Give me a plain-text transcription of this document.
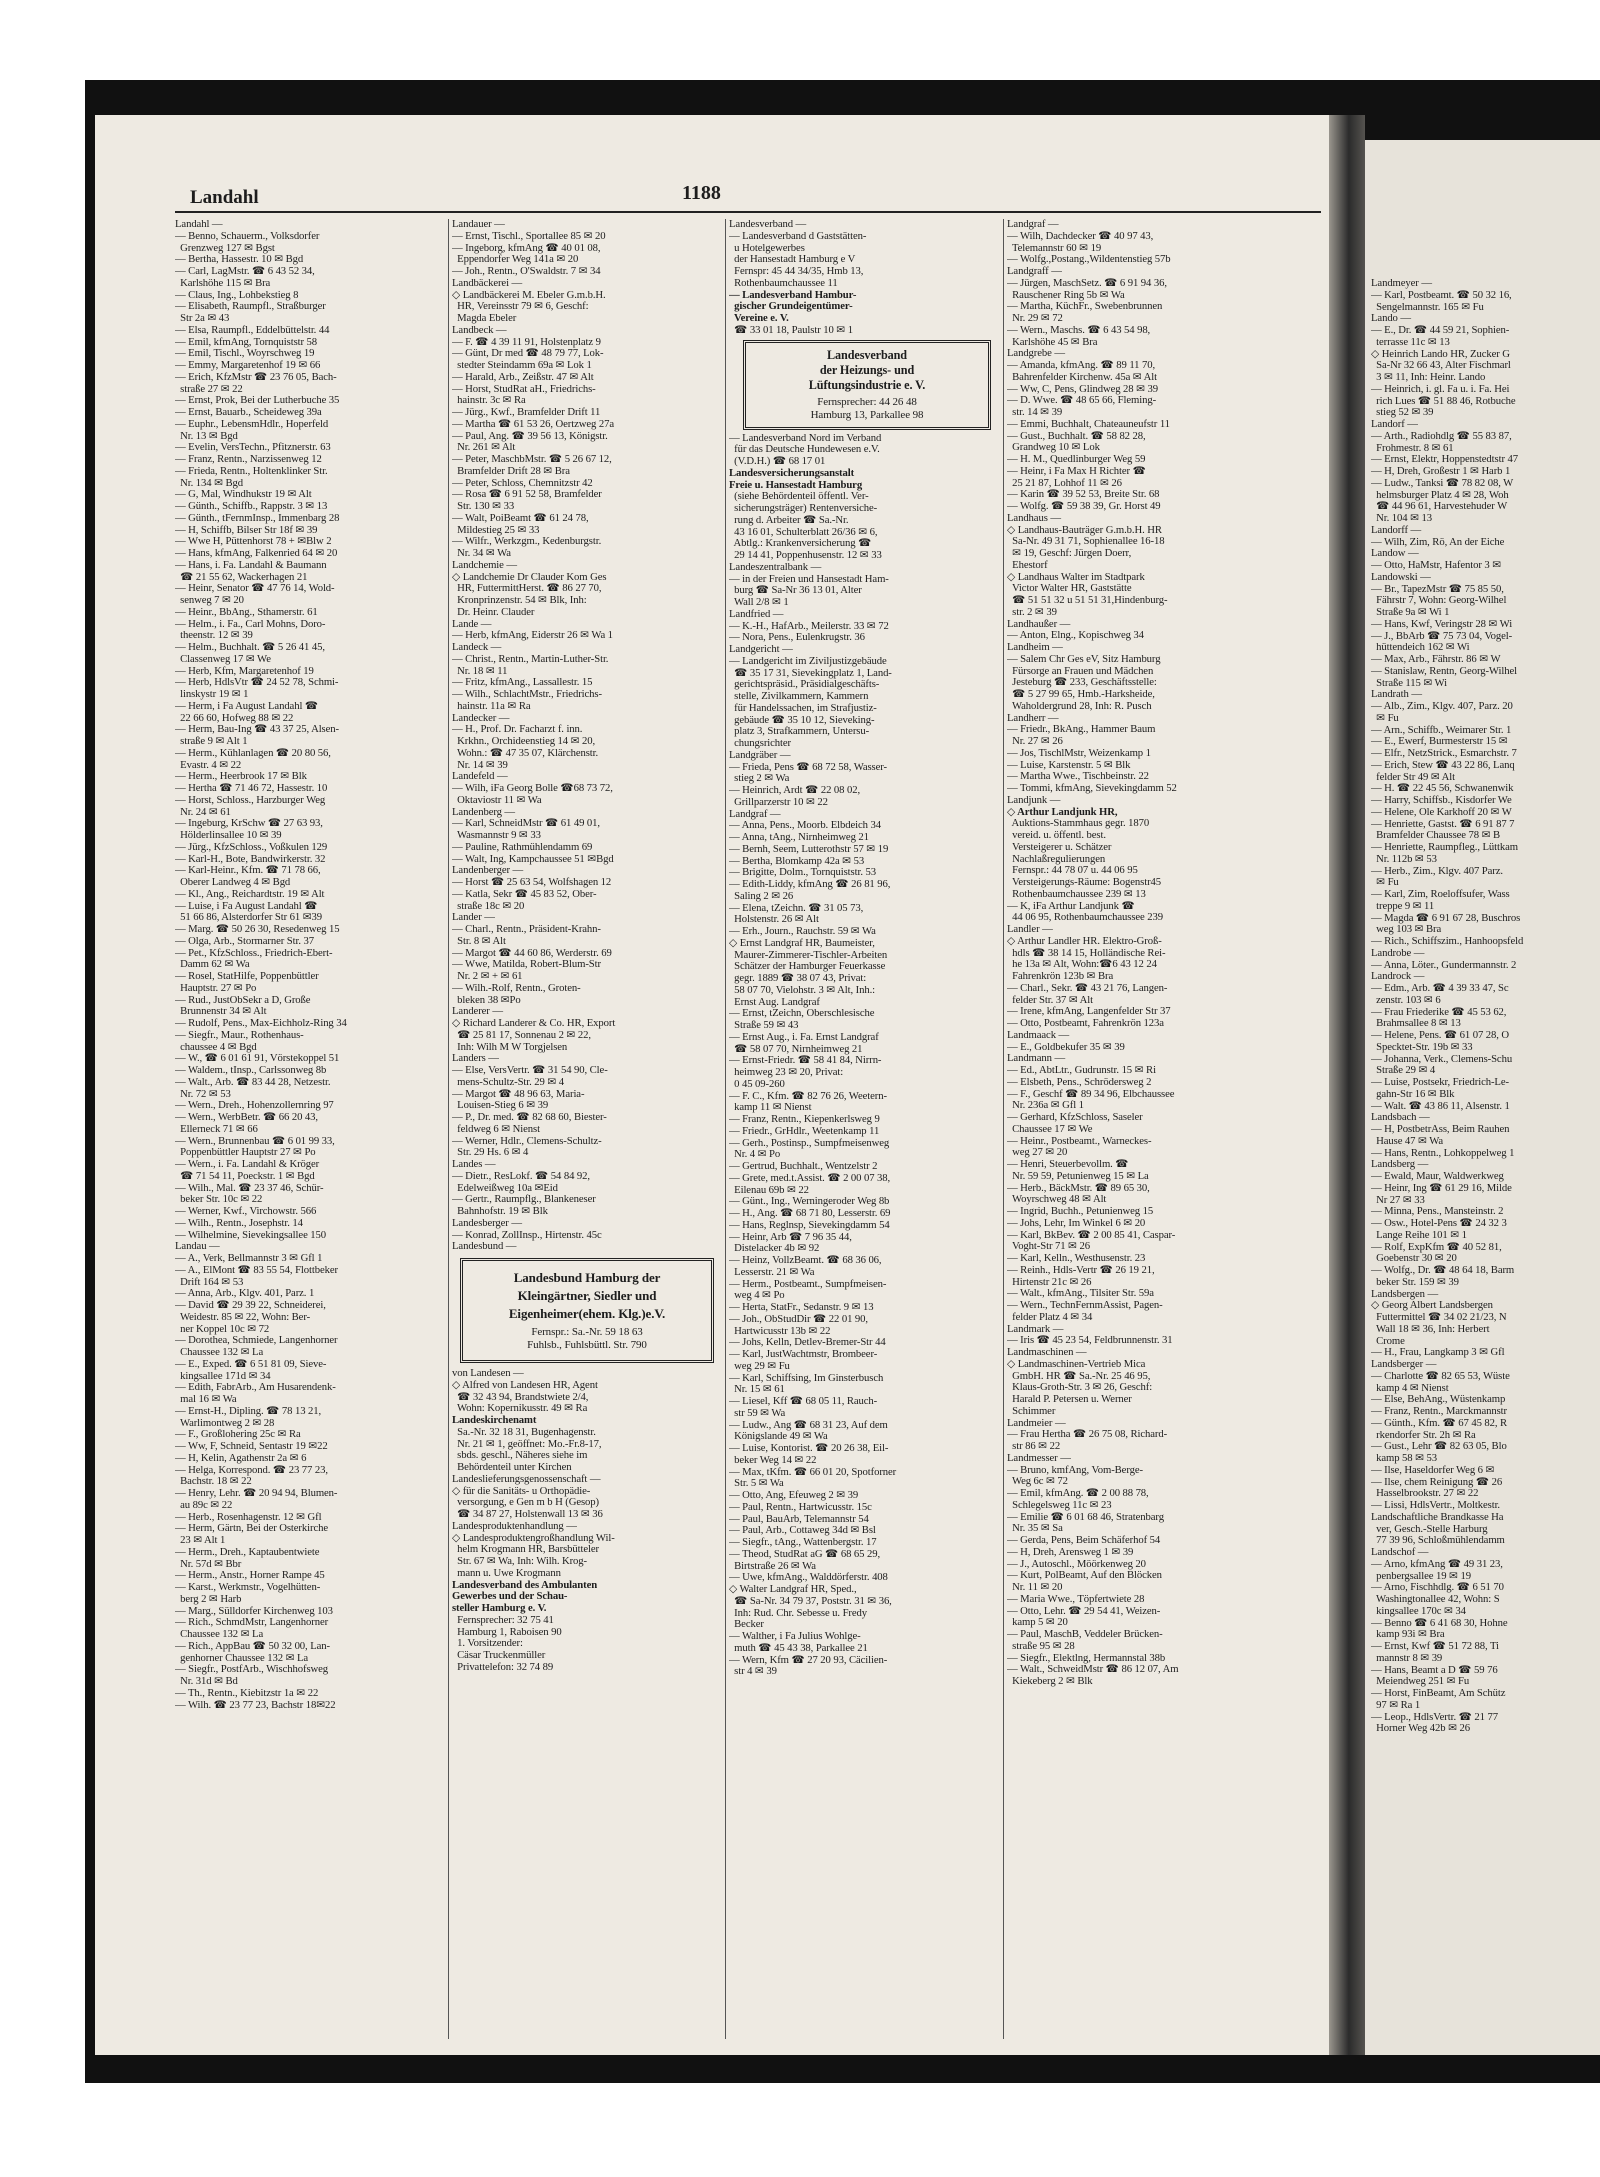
Landahl	1188
Landahl —
— Benno, Schauerm., Volksdorfer
Grenzweg 127 ✉ Bgst
— Bertha, Hassestr. 10 ✉ Bgd
— Carl, LagMstr. ☎ 6 43 52 34,
Karlshöhe 115 ✉ Bra
— Claus, Ing., Lohbekstieg 8
— Elisabeth, Raumpfl., Straßburger
Str 2a ✉ 43
— Elsa, Raumpfl., Eddelbüttelstr. 44
— Emil, kfmAng, Tornquiststr 58
— Emil, Tischl., Woyrschweg 19
— Emmy, Margaretenhof 19 ✉ 66
— Erich, KfzMstr ☎ 23 76 05, Bach-
straße 27 ✉ 22
— Ernst, Prok, Bei der Lutherbuche 35
— Ernst, Bauarb., Scheideweg 39a
— Euphr., LebensmHdlr., Hoperfeld
Nr. 13 ✉ Bgd
— Evelin, VersTechn., Pfitznerstr. 63
— Franz, Rentn., Narzissenweg 12
— Frieda, Rentn., Holtenklinker Str.
Nr. 134 ✉ Bgd
— G, Mal, Windhukstr 19 ✉ Alt
— Günth., Schiffb., Rappstr. 3 ✉ 13
— Günth., tFernmInsp., Immenbarg 28
— H, Schiffb, Bilser Str 18f ✉ 39
— Wwe H, Püttenhorst 78 + ✉Blw 2
— Hans, kfmAng, Falkenried 64 ✉ 20
— Hans, i. Fa. Landahl & Baumann
☎ 21 55 62, Wackerhagen 21
— Heinr, Senator ☎ 47 76 14, Wold-
senweg 7 ✉ 20
— Heinr., BbAng., Sthamerstr. 61
— Helm., i. Fa., Carl Mohns, Doro-
theenstr. 12 ✉ 39
— Helm., Buchhalt. ☎ 5 26 41 45,
Classenweg 17 ✉ We
— Herb, Kfm, Margaretenhof 19
— Herb, HdlsVtr ☎ 24 52 78, Schmi-
linskystr 19 ✉ 1
— Herm, i Fa August Landahl ☎
22 66 60, Hofweg 88 ✉ 22
— Herm, Bau-Ing ☎ 43 37 25, Alsen-
straße 9 ✉ Alt 1
— Herm., Kühlanlagen ☎ 20 80 56,
Evastr. 4 ✉ 22
— Herm., Heerbrook 17 ✉ Blk
— Hertha ☎ 71 46 72, Hassestr. 10
— Horst, Schloss., Harzburger Weg
Nr. 24 ✉ 61
— Ingeburg, KrSchw ☎ 27 63 93,
Hölderlinsallee 10 ✉ 39
— Jürg., KfzSchloss., Voßkulen 129
— Karl-H., Bote, Bandwirkerstr. 32
— Karl-Heinr., Kfm. ☎ 71 78 66,
Oberer Landweg 4 ✉ Bgd
— Kl., Ang., Reichardtstr. 19 ✉ Alt
— Luise, i Fa August Landahl ☎
51 66 86, Alsterdorfer Str 61 ✉39
— Marg. ☎ 50 26 30, Resedenweg 15
— Olga, Arb., Stormarner Str. 37
— Pet., KfzSchloss., Friedrich-Ebert-
Damm 62 ✉ Wa
— Rosel, StatHilfe, Poppenbüttler
Hauptstr. 27 ✉ Po
— Rud., JustObSekr a D, Große
Brunnenstr 34 ✉ Alt
— Rudolf, Pens., Max-Eichholz-Ring 34
— Siegfr., Maur., Rothenhaus-
chaussee 4 ✉ Bgd
— W., ☎ 6 01 61 91, Vörstekoppel 51
— Waldem., tInsp., Carlssonweg 8b
— Walt., Arb. ☎ 83 44 28, Netzestr.
Nr. 72 ✉ 53
— Wern., Dreh., Hohenzollernring 97
— Wern., WerbBetr. ☎ 66 20 43,
Ellerneck 71 ✉ 66
— Wern., Brunnenbau ☎ 6 01 99 33,
Poppenbüttler Hauptstr 27 ✉ Po
— Wern., i. Fa. Landahl & Kröger
☎ 71 54 11, Poeckstr. 1 ✉ Bgd
— Wilh., Mal. ☎ 23 37 46, Schür-
beker Str. 10c ✉ 22
— Werner, Kwf., Virchowstr. 566
— Wilh., Rentn., Josephstr. 14
— Wilhelmine, Sievekingsallee 150
Landau —
— A., Verk, Bellmannstr 3 ✉ Gfl 1
— A., ElMont ☎ 83 55 54, Flottbeker
Drift 164 ✉ 53
— Anna, Arb., Klgv. 401, Parz. 1
— David ☎ 29 39 22, Schneiderei,
Weidestr. 85 ✉ 22, Wohn: Ber-
ner Koppel 10c ✉ 72
— Dorothea, Schmiede, Langenhorner
Chaussee 132 ✉ La
— E., Exped. ☎ 6 51 81 09, Sieve-
kingsallee 171d ✉ 34
— Edith, FabrArb., Am Husarendenk-
mal 16 ✉ Wa
— Ernst-H., Dipling. ☎ 78 13 21,
Warlimontweg 2 ✉ 28
— F., Großlohering 25c ✉ Ra
— Ww, F, Schneid, Sentastr 19 ✉22
— H, Kelin, Agathenstr 2a ✉ 6
— Helga, Korrespond. ☎ 23 77 23,
Bachstr. 18 ✉ 22
— Henry, Lehr. ☎ 20 94 94, Blumen-
au 89c ✉ 22
— Herb., Rosenhagenstr. 12 ✉ Gfl
— Herm, Gärtn, Bei der Osterkirche
23 ✉ Alt 1
— Herm., Dreh., Kaptaubentwiete
Nr. 57d ✉ Bbr
— Herm., Anstr., Horner Rampe 45
— Karst., Werkmstr., Vogelhütten-
berg 2 ✉ Harb
— Marg., Sülldorfer Kirchenweg 103
— Rich., SchmdMstr, Langenhorner
Chaussee 132 ✉ La
— Rich., AppBau ☎ 50 32 00, Lan-
genhorner Chaussee 132 ✉ La
— Siegfr., PostfArb., Wischhofsweg
Nr. 31d ✉ Bd
— Th., Rentn., Kiebitzstr 1a ✉ 22
— Wilh. ☎ 23 77 23, Bachstr 18✉22
Landauer —
— Ernst, Tischl., Sportallee 85 ✉ 20
— Ingeborg, kfmAng ☎ 40 01 08,
Eppendorfer Weg 141a ✉ 20
— Joh., Rentn., O'Swaldstr. 7 ✉ 34
Landbäckerei —
◇ Landbäckerei M. Ebeler G.m.b.H.
HR, Vereinsstr 79 ✉ 6, Geschf:
Magda Ebeler
Landbeck —
— F. ☎ 4 39 11 91, Holstenplatz 9
— Günt, Dr med ☎ 48 79 77, Lok-
stedter Steindamm 69a ✉ Lok 1
— Harald, Arb., Zeißstr. 47 ✉ Alt
— Horst, StudRat aH., Friedrichs-
hainstr. 3c ✉ Ra
— Jürg., Kwf., Bramfelder Drift 11
— Martha ☎ 61 53 26, Oertzweg 27a
— Paul, Ang. ☎ 39 56 13, Königstr.
Nr. 261 ✉ Alt
— Peter, MaschbMstr. ☎ 5 26 67 12,
Bramfelder Drift 28 ✉ Bra
— Peter, Schloss, Chemnitzstr 42
— Rosa ☎ 6 91 52 58, Bramfelder
Str. 130 ✉ 33
— Walt, PoiBeamt ☎ 61 24 78,
Mildestieg 25 ✉ 33
— Wilfr., Werkzgm., Kedenburgstr.
Nr. 34 ✉ Wa
Landchemie —
◇ Landchemie Dr Clauder Kom Ges
HR, FuttermittHerst. ☎ 86 27 70,
Kronprinzenstr. 54 ✉ Blk, Inh:
Dr. Heinr. Clauder
Lande —
— Herb, kfmAng, Eiderstr 26 ✉ Wa 1
Landeck —
— Christ., Rentn., Martin-Luther-Str.
Nr. 18 ✉ 11
— Fritz, kfmAng., Lassallestr. 15
— Wilh., SchlachtMstr., Friedrichs-
hainstr. 11a ✉ Ra
Landecker —
— H., Prof. Dr. Facharzt f. inn.
Krkhn., Orchideenstieg 14 ✉ 20,
Wohn.: ☎ 47 35 07, Klärchenstr.
Nr. 14 ✉ 39
Landefeld —
— Wilh, iFa Georg Bolle ☎68 73 72,
Oktaviostr 11 ✉ Wa
Landenberg —
— Karl, SchneidMstr ☎ 61 49 01,
Wasmannstr 9 ✉ 33
— Pauline, Rathmühlendamm 69
— Walt, Ing, Kampchaussee 51 ✉Bgd
Landenberger —
— Horst ☎ 25 63 54, Wolfshagen 12
— Katla, Sekr ☎ 45 83 52, Ober-
straße 18c ✉ 20
Lander —
— Charl., Rentn., Präsident-Krahn-
Str. 8 ✉ Alt
— Margot ☎ 44 60 86, Werderstr. 69
— Wwe, Matilda, Robert-Blum-Str
Nr. 2 ✉ + ✉ 61
— Wilh.-Rolf, Rentn., Groten-
bleken 38 ✉Po
Landerer —
◇ Richard Landerer & Co. HR, Export
☎ 25 81 17, Sonnenau 2 ✉ 22,
Inh: Wilh M W Torgjelsen
Landers —
— Else, VersVertr. ☎ 31 54 90, Cle-
mens-Schultz-Str. 29 ✉ 4
— Margot ☎ 48 96 63, Maria-
Louisen-Stieg 6 ✉ 39
— P., Dr. med. ☎ 82 68 60, Biester-
feldweg 6 ✉ Nienst
— Werner, Hdlr., Clemens-Schultz-
Str. 29 Hs. 6 ✉ 4
Landes —
— Dietr., ResLokf. ☎ 54 84 92,
Edelweißweg 10a ✉Eid
— Gertr., Raumpflg., Blankeneser
Bahnhofstr. 19 ✉ Blk
Landesberger —
— Konrad, ZollInsp., Hirtenstr. 45c
Landesbund —
Landesbund Hamburg der
Kleingärtner, Siedler und
Eigenheimer(ehem. Klg.)e.V.
Fernspr.: Sa.-Nr. 59 18 63
Fuhlsb., Fuhlsbüttl. Str. 790
von Landesen —
◇ Alfred von Landesen HR, Agent
☎ 32 43 94, Brandstwiete 2/4,
Wohn: Kopernikusstr. 49 ✉ Ra
Landeskirchenamt
Sa.-Nr. 32 18 31, Bugenhagenstr.
Nr. 21 ✉ 1, geöffnet: Mo.-Fr.8-17,
sbds. geschl., Näheres siehe im
Behördenteil unter Kirchen
Landeslieferungsgenossenschaft —
◇ für die Sanitäts- u Orthopädie-
versorgung, e Gen m b H (Gesop)
☎ 34 87 27, Holstenwall 13 ✉ 36
Landesproduktenhandlung —
◇ Landesproduktengroßhandlung Wil-
helm Krogmann HR, Barsbütteler
Str. 67 ✉ Wa, Inh: Wilh. Krog-
mann u. Uwe Krogmann
Landesverband des Ambulanten
Gewerbes und der Schau-
steller Hamburg e. V.
Fernsprecher: 32 75 41
Hamburg 1, Raboisen 90
1. Vorsitzender:
Cäsar Truckenmüller
Privattelefon: 32 74 89
Landesverband —
— Landesverband d Gaststätten-
u Hotelgewerbes
der Hansestadt Hamburg e V
Fernspr: 45 44 34/35, Hmb 13,
Rothenbaumchaussee 11
— Landesverband Hambur-
gischer Grundeigentümer-
Vereine e. V.
☎ 33 01 18, Paulstr 10 ✉ 1
Landesverband
der Heizungs- und
Lüftungsindustrie e. V.
Fernsprecher: 44 26 48
Hamburg 13, Parkallee 98
— Landesverband Nord im Verband
für das Deutsche Hundewesen e.V.
(V.D.H.) ☎ 68 17 01
Landesversicherungsanstalt
Freie u. Hansestadt Hamburg
(siehe Behördenteil öffentl. Ver-
sicherungsträger) Rentenversiche-
rung d. Arbeiter ☎ Sa.-Nr.
43 16 01, Schulterblatt 26/36 ✉ 6,
Abtlg.: Krankenversicherung ☎
29 14 41, Poppenhusenstr. 12 ✉ 33
Landeszentralbank —
— in der Freien und Hansestadt Ham-
burg ☎ Sa-Nr 36 13 01, Alter
Wall 2/8 ✉ 1
Landfried —
— K.-H., HafArb., Meilerstr. 33 ✉ 72
— Nora, Pens., Eulenkrugstr. 36
Landgericht —
— Landgericht im Ziviljustizgebäude
☎ 35 17 31, Sievekingplatz 1, Land-
gerichtspräsid., Präsidialgeschäfts-
stelle, Zivilkammern, Kammern
für Handelssachen, im Strafjustiz-
gebäude ☎ 35 10 12, Sieveking-
platz 3, Strafkammern, Untersu-
chungsrichter
Landgräber —
— Frieda, Pens ☎ 68 72 58, Wasser-
stieg 2 ✉ Wa
— Heinrich, Ardt ☎ 22 08 02,
Grillparzerstr 10 ✉ 22
Landgraf —
— Anna, Pens., Moorb. Elbdeich 34
— Anna, tAng., Nirnheimweg 21
— Bernh, Seem, Lutterothstr 57 ✉ 19
— Bertha, Blomkamp 42a ✉ 53
— Brigitte, Dolm., Tornquiststr. 53
— Edith-Liddy, kfmAng ☎ 26 81 96,
Saling 2 ✉ 26
— Elena, tZeichn. ☎ 31 05 73,
Holstenstr. 26 ✉ Alt
— Erh., Journ., Rauchstr. 59 ✉ Wa
◇ Ernst Landgraf HR, Baumeister,
Maurer-Zimmerer-Tischler-Arbeiten
Schätzer der Hamburger Feuerkasse
gegr. 1889 ☎ 38 07 43, Privat:
58 07 70, Vielohstr. 3 ✉ Alt, Inh.:
Ernst Aug. Landgraf
— Ernst, tZeichn, Oberschlesische
Straße 59 ✉ 43
— Ernst Aug., i. Fa. Ernst Landgraf
☎ 58 07 70, Nirnheimweg 21
— Ernst-Friedr. ☎ 58 41 84, Nirrn-
heimweg 23 ✉ 20, Privat:
0 45 09-260
— F. C., Kfm. ☎ 82 76 26, Weetern-
kamp 11 ✉ Nienst
— Franz, Rentn., Kiepenkerlsweg 9
— Friedr., GrHdlr., Weetenkamp 11
— Gerh., Postinsp., Sumpfmeisenweg
Nr. 4 ✉ Po
— Gertrud, Buchhalt., Wentzelstr 2
— Grete, med.t.Assist. ☎ 2 00 07 38,
Eilenau 69b ✉ 22
— Günt., Ing., Werningeroder Weg 8b
— H., Ang. ☎ 68 71 80, Lesserstr. 69
— Hans, Reglnsp, Sievekingdamm 54
— Heinr, Arb ☎ 7 96 35 44,
Distelacker 4b ✉ 92
— Heinz, VollzBeamt. ☎ 68 36 06,
Lesserstr. 21 ✉ Wa
— Herm., Postbeamt., Sumpfmeisen-
weg 4 ✉ Po
— Herta, StatFr., Sedanstr. 9 ✉ 13
— Joh., ObStudDir ☎ 22 01 90,
Hartwicusstr 13b ✉ 22
— Johs, Kelln, Detlev-Bremer-Str 44
— Karl, JustWachtmstr, Brombeer-
weg 29 ✉ Fu
— Karl, Schiffsing, Im Ginsterbusch
Nr. 15 ✉ 61
— Liesel, Kff ☎ 68 05 11, Rauch-
str 59 ✉ Wa
— Ludw., Ang ☎ 68 31 23, Auf dem
Königslande 49 ✉ Wa
— Luise, Kontorist. ☎ 20 26 38, Eil-
beker Weg 14 ✉ 22
— Max, tKfm. ☎ 66 01 20, Spotforner
Str. 5 ✉ Wa
— Otto, Ang, Efeuweg 2 ✉ 39
— Paul, Rentn., Hartwicusstr. 15c
— Paul, BauArb, Telemannstr 54
— Paul, Arb., Cottaweg 34d ✉ Bsl
— Siegfr., tAng., Wattenbergstr. 17
— Theod, StudRat aG ☎ 68 65 29,
Birtstraße 26 ✉ Wa
— Uwe, kfmAng., Walddörferstr. 408
◇ Walter Landgraf HR, Sped.,
☎ Sa-Nr. 34 79 37, Poststr. 31 ✉ 36,
Inh: Rud. Chr. Sebesse u. Fredy
Becker
— Walther, i Fa Julius Wohlge-
muth ☎ 45 43 38, Parkallee 21
— Wern, Kfm ☎ 27 20 93, Cäcilien-
str 4 ✉ 39
Landgraf —
— Wilh, Dachdecker ☎ 40 97 43,
Telemannstr 60 ✉ 19
— Wolfg.,Postang.,Wildentenstieg 57b
Landgraff —
— Jürgen, MaschSetz. ☎ 6 91 94 36,
Rauschener Ring 5b ✉ Wa
— Martha, KüchFr., Swebenbrunnen
Nr. 29 ✉ 72
— Wern., Maschs. ☎ 6 43 54 98,
Karlshöhe 45 ✉ Bra
Landgrebe —
— Amanda, kfmAng. ☎ 89 11 70,
Bahrenfelder Kirchenw. 45a ✉ Alt
— Ww, C, Pens, Glindweg 28 ✉ 39
— D. Wwe. ☎ 48 65 66, Fleming-
str. 14 ✉ 39
— Emmi, Buchhalt, Chateauneufstr 11
— Gust., Buchhalt. ☎ 58 82 28,
Grandweg 10 ✉ Lok
— H. M., Quedlinburger Weg 59
— Heinr, i Fa Max H Richter ☎
25 21 87, Lohhof 11 ✉ 26
— Karin ☎ 39 52 53, Breite Str. 68
— Wolfg. ☎ 59 38 39, Gr. Horst 49
Landhaus —
◇ Landhaus-Bauträger G.m.b.H. HR
Sa-Nr. 49 31 71, Sophienallee 16-18
✉ 19, Geschf: Jürgen Doerr,
Ehestorf
◇ Landhaus Walter im Stadtpark
Victor Walter HR, Gaststätte
☎ 51 51 32 u 51 51 31,Hindenburg-
str. 2 ✉ 39
Landhaußer —
— Anton, Elng., Kopischweg 34
Landheim —
— Salem Chr Ges eV, Sitz Hamburg
Fürsorge an Frauen und Mädchen
Jesteburg ☎ 233, Geschäftsstelle:
☎ 5 27 99 65, Hmb.-Harksheide,
Waholdergrund 28, Inh: R. Pusch
Landherr —
— Friedr., BkAng., Hammer Baum
Nr. 27 ✉ 26
— Jos, TischlMstr, Weizenkamp 1
— Luise, Karstenstr. 5 ✉ Blk
— Martha Wwe., Tischbeinstr. 22
— Tommi, kfmAng, Sievekingdamm 52
Landjunk —
◇ Arthur Landjunk HR,
Auktions-Stammhaus gegr. 1870
vereid. u. öffentl. best.
Versteigerer u. Schätzer
Nachlaßregulierungen
Fernspr.: 44 78 07 u. 44 06 95
Versteigerungs-Räume: Bogenstr45
Rothenbaumchaussee 239 ✉ 13
— K, iFa Arthur Landjunk ☎
44 06 95, Rothenbaumchaussee 239
Landler —
◇ Arthur Landler HR. Elektro-Groß-
hdls ☎ 38 14 15, Holländische Rei-
he 13a ✉ Alt, Wohn:☎6 43 12 24
Fahrenkrön 123b ✉ Bra
— Charl., Sekr. ☎ 43 21 76, Langen-
felder Str. 37 ✉ Alt
— Irene, kfmAng, Langenfelder Str 37
— Otto, Postbeamt, Fahrenkrön 123a
Landmaack —
— E., Goldbekufer 35 ✉ 39
Landmann —
— Ed., AbtLtr., Gudrunstr. 15 ✉ Ri
— Elsbeth, Pens., Schrödersweg 2
— F., Geschf ☎ 89 34 96, Elbchaussee
Nr. 236a ✉ Gfl 1
— Gerhard, KfzSchloss, Saseler
Chaussee 17 ✉ We
— Heinr., Postbeamt., Warneckes-
weg 27 ✉ 20
— Henri, Steuerbevollm. ☎
Nr. 59 59, Petunienweg 15 ✉ La
— Herb., BäckMstr. ☎ 89 65 30,
Woyrschweg 48 ✉ Alt
— Ingrid, Buchh., Petunienweg 15
— Johs, Lehr, Im Winkel 6 ✉ 20
— Karl, BkBev. ☎ 2 00 85 41, Caspar-
Voght-Str 71 ✉ 26
— Karl, Kelln., Westhusenstr. 23
— Reinh., Hdls-Vertr ☎ 26 19 21,
Hirtenstr 21c ✉ 26
— Walt., kfmAng., Tilsiter Str. 59a
— Wern., TechnFernmAssist, Pagen-
felder Platz 4 ✉ 34
Landmark —
— Iris ☎ 45 23 54, Feldbrunnenstr. 31
Landmaschinen —
◇ Landmaschinen-Vertrieb Mica
GmbH. HR ☎ Sa.-Nr. 25 46 95,
Klaus-Groth-Str. 3 ✉ 26, Geschf:
Harald P. Petersen u. Werner
Schimmer
Landmeier —
— Frau Hertha ☎ 26 75 08, Richard-
str 86 ✉ 22
Landmesser —
— Bruno, kmfAng, Vom-Berge-
Weg 6c ✉ 72
— Emil, kfmAng. ☎ 2 00 88 78,
Schlegelsweg 11c ✉ 23
— Emilie ☎ 6 01 68 46, Stratenbarg
Nr. 35 ✉ Sa
— Gerda, Pens, Beim Schäferhof 54
— H, Dreh, Arensweg 1 ✉ 39
— J., Autoschl., Möörkenweg 20
— Kurt, PolBeamt, Auf den Blöcken
Nr. 11 ✉ 20
— Maria Wwe., Töpfertwiete 28
— Otto, Lehr. ☎ 29 54 41, Weizen-
kamp 5 ✉ 20
— Paul, MaschB, Veddeler Brücken-
straße 95 ✉ 28
— Siegfr., Elektlng, Hermannstal 38b
— Walt., SchweidMstr ☎ 86 12 07, Am
Kiekeberg 2 ✉ Blk
Landmeyer —
— Karl, Postbeamt. ☎ 50 32 16,
Sengelmannstr. 165 ✉ Fu
Lando —
— E., Dr. ☎ 44 59 21, Sophien-
terrasse 11c ✉ 13
◇ Heinrich Lando HR, Zucker G
Sa-Nr 32 66 43, Alter Fischmarl
3 ✉ 11, Inh: Heinr. Lando
— Heinrich, i. gl. Fa u. i. Fa. Hei
rich Lues ☎ 51 88 46, Rotbuche
stieg 52 ✉ 39
Landorf —
— Arth., Radiohdlg ☎ 55 83 87,
Frohmestr. 8 ✉ 61
— Ernst, Elektr, Hoppenstedtstr 47
— H, Dreh, Großestr 1 ✉ Harb 1
— Ludw., Tanksi ☎ 78 82 08, W
helmsburger Platz 4 ✉ 28, Woh
☎ 44 96 61, Harvestehuder W
Nr. 104 ✉ 13
Landorff —
— Wilh, Zim, Rö, An der Eiche
Landow —
— Otto, HaMstr, Hafentor 3 ✉
Landowski —
— Br., TapezMstr ☎ 75 85 50,
Fährstr 7, Wohn: Georg-Wilhel
Straße 9a ✉ Wi 1
— Hans, Kwf, Veringstr 28 ✉ Wi
— J., BbArb ☎ 75 73 04, Vogel-
hüttendeich 162 ✉ Wi
— Max, Arb., Fährstr. 86 ✉ W
— Stanislaw, Rentn, Georg-Wilhel
Straße 115 ✉ Wi
Landrath —
— Alb., Zim., Klgv. 407, Parz. 20
✉ Fu
— Arn., Schiffb., Weimarer Str. 1
— E., Ewerf, Burmesterstr 15 ✉
— Elfr., NetzStrick., Esmarchstr. 7
— Erich, Stew ☎ 43 22 86, Lanq
felder Str 49 ✉ Alt
— H. ☎ 22 45 56, Schwanenwik
— Harry, Schiffsb., Kisdorfer We
— Helene, Ole Karkhoff 20 ✉ W
— Henriette, Gastst. ☎ 6 91 87 7
Bramfelder Chaussee 78 ✉ B
— Henriette, Raumpfleg., Lüttkam
Nr. 112b ✉ 53
— Herb., Zim., Klgv. 407 Parz.
✉ Fu
— Karl, Zim, Roeloffsufer, Wass
treppe 9 ✉ 11
— Magda ☎ 6 91 67 28, Buschros
weg 103 ✉ Bra
— Rich., Schiffszim., Hanhoopsfeld
Landrobe —
— Anna, Löter., Gundermannstr. 2
Landrock —
— Edm., Arb. ☎ 4 39 33 47, Sc
zenstr. 103 ✉ 6
— Frau Friederike ☎ 45 53 62,
Brahmsallee 8 ✉ 13
— Helene, Pens. ☎ 61 07 28, O
Specktet-Str. 19b ✉ 33
— Johanna, Verk., Clemens-Schu
Straße 29 ✉ 4
— Luise, Postsekr, Friedrich-Le-
gahn-Str 16 ✉ Blk
— Walt. ☎ 43 86 11, Alsenstr. 1
Landsbach —
— H, PostbetrAss, Beim Rauhen
Hause 47 ✉ Wa
— Hans, Rentn., Lohkoppelweg 1
Landsberg —
— Ewald, Maur, Waldwerkweg
— Heinr, Ing ☎ 61 29 16, Milde
Nr 27 ✉ 33
— Minna, Pens., Mansteinstr. 2
— Osw., Hotel-Pens ☎ 24 32 3
Lange Reihe 101 ✉ 1
— Rolf, ExpKfm ☎ 40 52 81,
Goebenstr 30 ✉ 20
— Wolfg., Dr. ☎ 48 64 18, Barm
beker Str. 159 ✉ 39
Landsbergen —
◇ Georg Albert Landsbergen
Futtermittel ☎ 34 02 21/23, N
Wall 18 ✉ 36, Inh: Herbert
Crome
— H., Frau, Langkamp 3 ✉ Gfl
Landsberger —
— Charlotte ☎ 82 65 53, Wüste
kamp 4 ✉ Nienst
— Else, BehAng., Wüstenkamp
— Franz, Rentn., Marckmannstr
— Günth., Kfm. ☎ 67 45 82, R
rkendorfer Str. 2h ✉ Ra
— Gust., Lehr ☎ 82 63 05, Blo
kamp 58 ✉ 53
— Ilse, Haseldorfer Weg 6 ✉
— Ilse, chem Reinigung ☎ 26
Hasselbrookstr. 27 ✉ 22
— Lissi, HdlsVertr., Moltkestr.
Landschaftliche Brandkasse Ha
ver, Gesch.-Stelle Harburg
77 39 96, Schloßmühlendamm
Landschof —
— Arno, kfmAng ☎ 49 31 23,
penbergsallee 19 ✉ 19
— Arno, Fischhdlg. ☎ 6 51 70
Washingtonallee 42, Wohn: S
kingsallee 170c ✉ 34
— Benno ☎ 6 41 68 30, Hohne
kamp 93i ✉ Bra
— Ernst, Kwf ☎ 51 72 88, Ti
mannstr 8 ✉ 39
— Hans, Beamt a D ☎ 59 76
Meiendweg 251 ✉ Fu
— Horst, FinBeamt, Am Schütz
97 ✉ Ra 1
— Leop., HdlsVertr. ☎ 21 77
Horner Weg 42b ✉ 26
